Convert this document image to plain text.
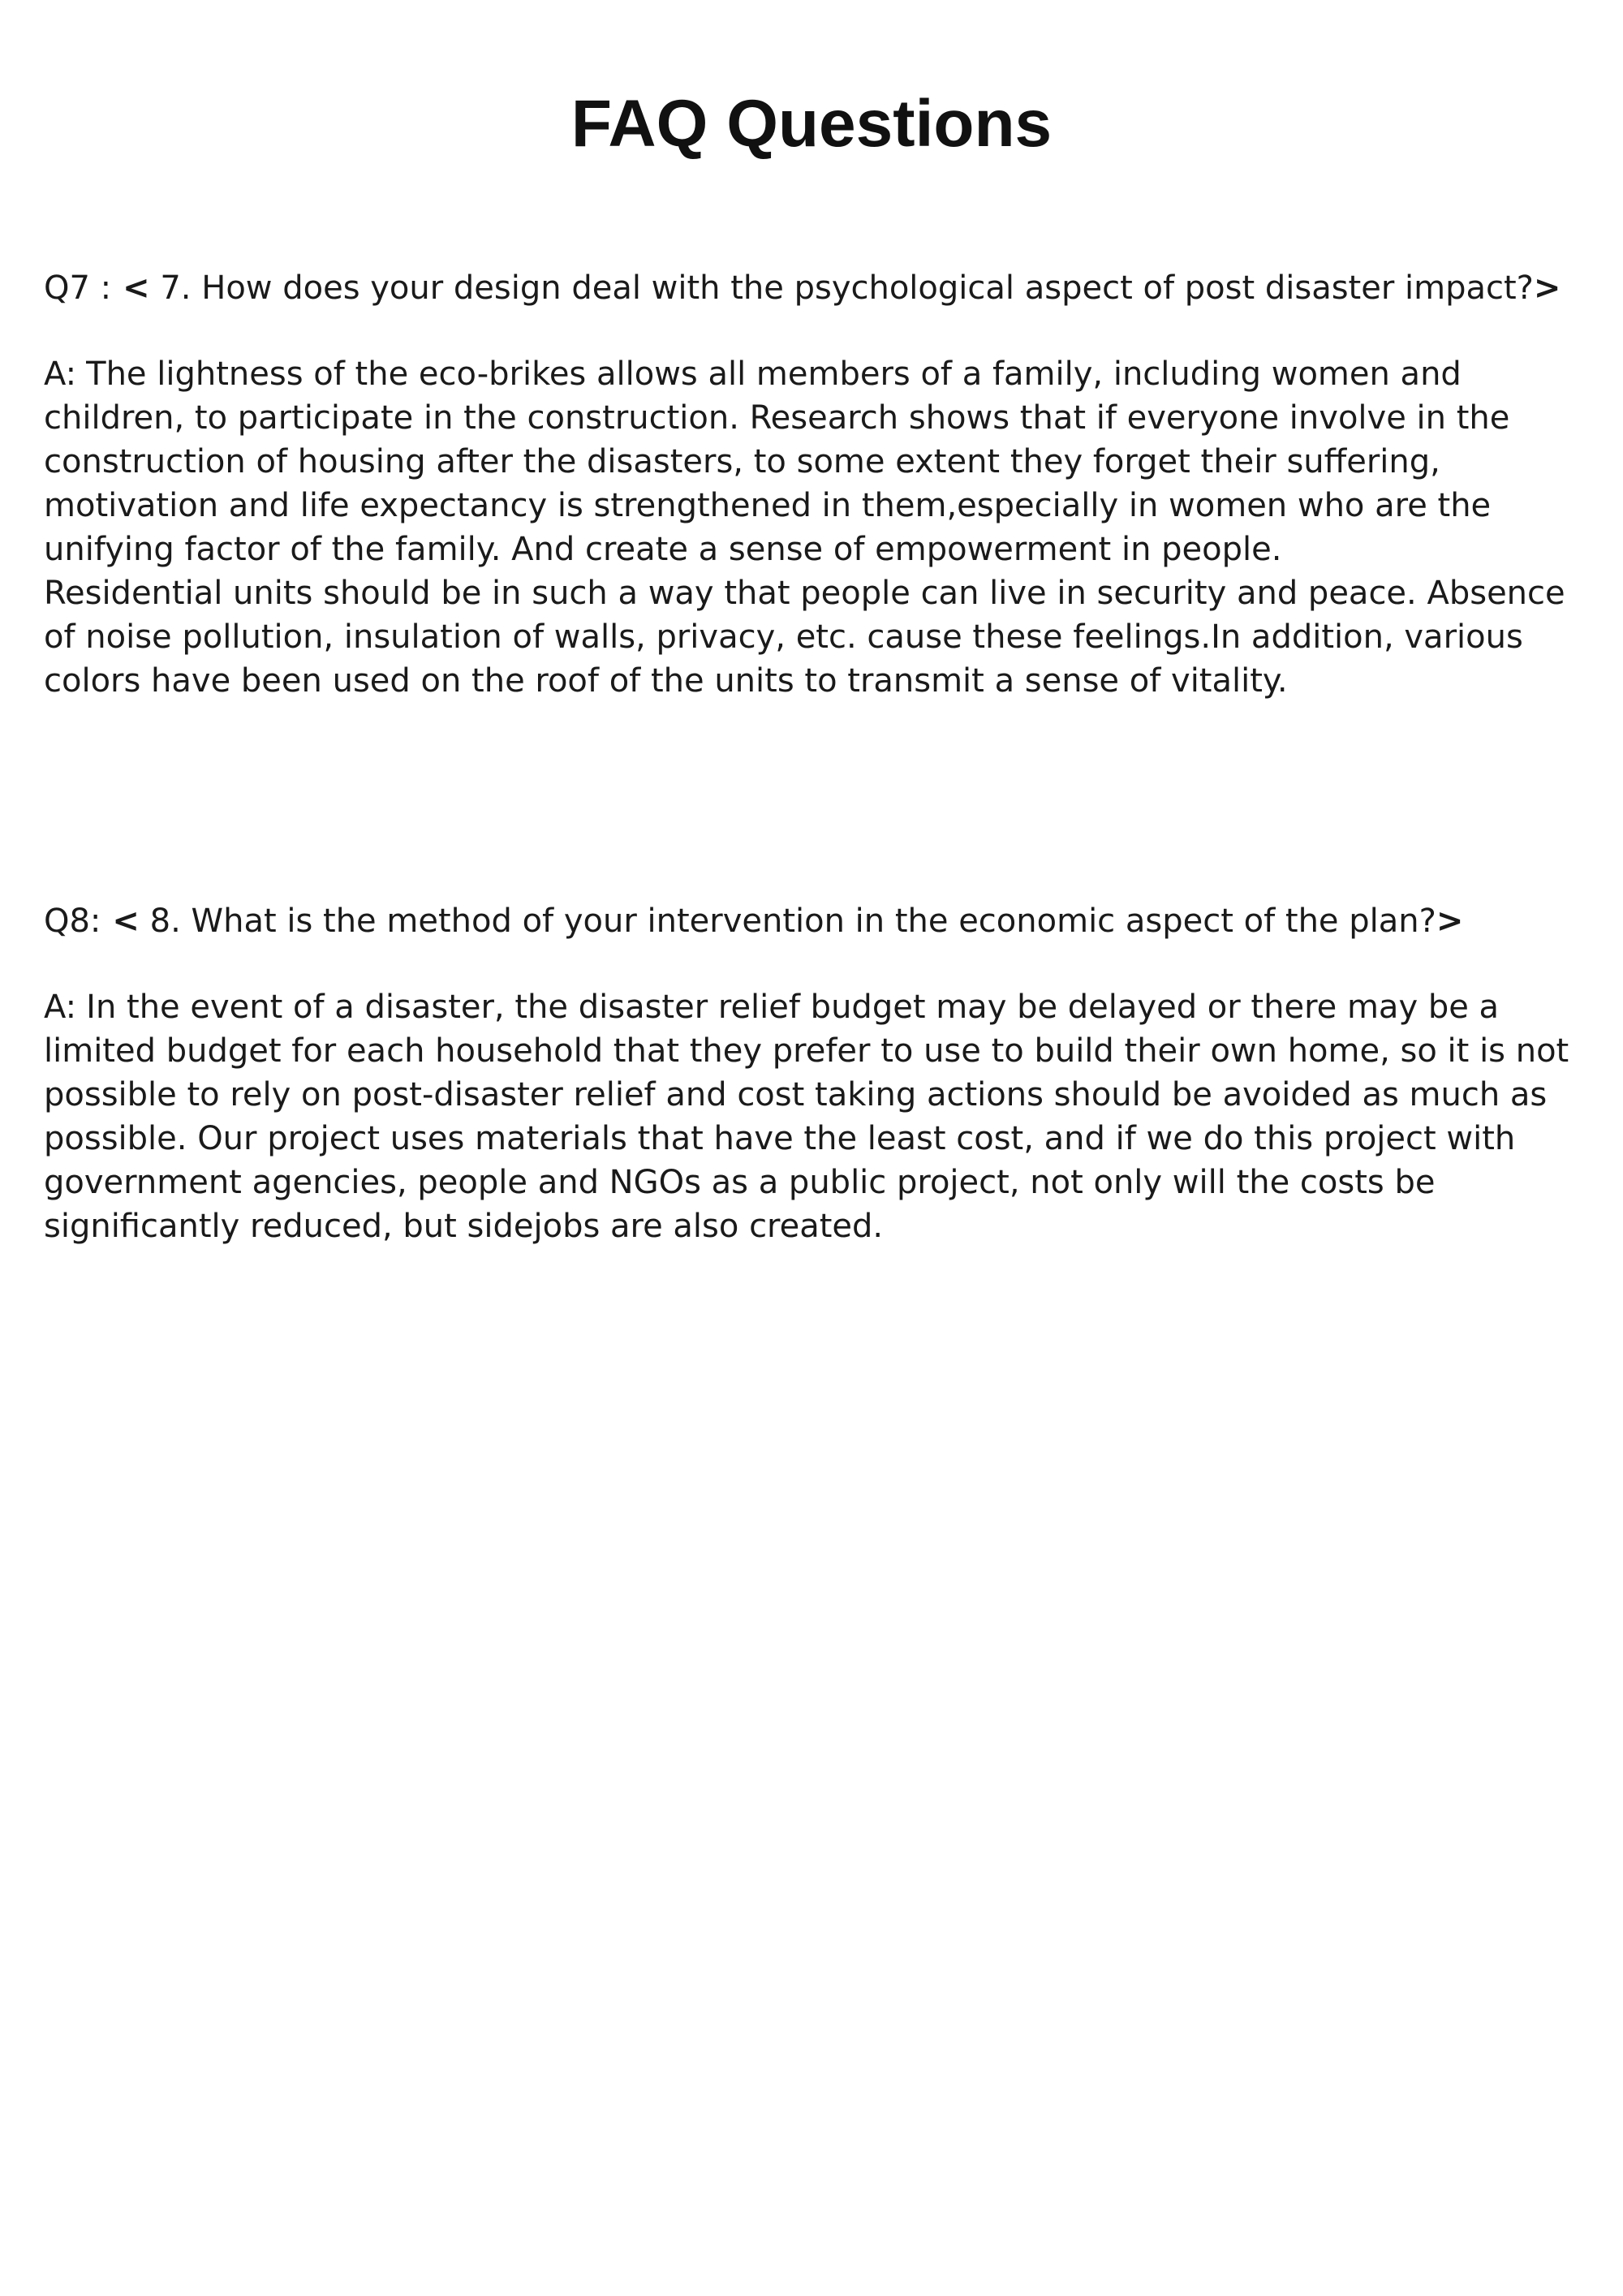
FAQ Questions

Q7 : < 7. How does your design deal with the psychological aspect of post disaster impact?>

A: The lightness of the eco-brikes allows all members of a family, including women and children, to participate in the construction. Research shows that if everyone involve in the construction of housing after the disasters, to some extent they forget their suffering, motivation and life expectancy is strengthened in them,especially in women who are the unifying factor of the family. And create a sense of empowerment in people.

Residential units should be in such a way that people can live in security and peace. Absence of noise pollution, insulation of walls, privacy, etc. cause these feelings.In addition, various colors have been used on the roof of the units to transmit a sense of vitality.

Q8: < 8. What is the method of your intervention in the economic aspect of the plan?>

A: In the event of a disaster, the disaster relief budget may be delayed or there may be a limited budget for each household that they prefer to use to build their own home, so it is not possible to rely on post-disaster relief and cost taking actions should be avoided as much as possible. Our project uses materials that have the least cost, and if we do this project with government agencies, people and NGOs as a public project, not only will the costs be significantly reduced, but sidejobs are also created.
